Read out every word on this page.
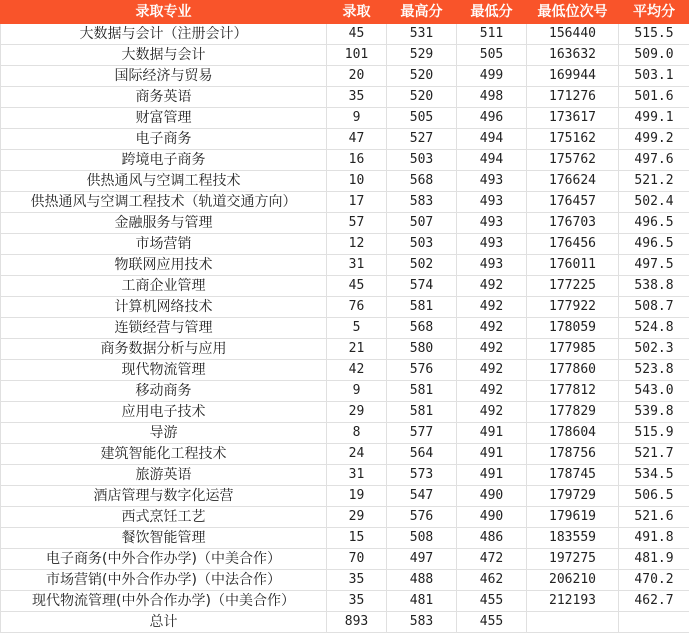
录取专业	录取	最高分	最低分	最低位次号	平均分
大数据与会计（注册会计）	45	531	511	156440	515.5
大数据与会计	101	529	505	163632	509.0
国际经济与贸易	20	520	499	169944	503.1
商务英语	35	520	498	171276	501.6
财富管理	9	505	496	173617	499.1
电子商务	47	527	494	175162	499.2
跨境电子商务	16	503	494	175762	497.6
供热通风与空调工程技术	10	568	493	176624	521.2
供热通风与空调工程技术（轨道交通方向）	17	583	493	176457	502.4
金融服务与管理	57	507	493	176703	496.5
市场营销	12	503	493	176456	496.5
物联网应用技术	31	502	493	176011	497.5
工商企业管理	45	574	492	177225	538.8
计算机网络技术	76	581	492	177922	508.7
连锁经营与管理	5	568	492	178059	524.8
商务数据分析与应用	21	580	492	177985	502.3
现代物流管理	42	576	492	177860	523.8
移动商务	9	581	492	177812	543.0
应用电子技术	29	581	492	177829	539.8
导游	8	577	491	178604	515.9
建筑智能化工程技术	24	564	491	178756	521.7
旅游英语	31	573	491	178745	534.5
酒店管理与数字化运营	19	547	490	179729	506.5
西式烹饪工艺	29	576	490	179619	521.6
餐饮智能管理	15	508	486	183559	491.8
电子商务(中外合作办学)（中美合作）	70	497	472	197275	481.9
市场营销(中外合作办学)（中法合作）	35	488	462	206210	470.2
现代物流管理(中外合作办学)（中美合作）	35	481	455	212193	462.7
总计	893	583	455		
